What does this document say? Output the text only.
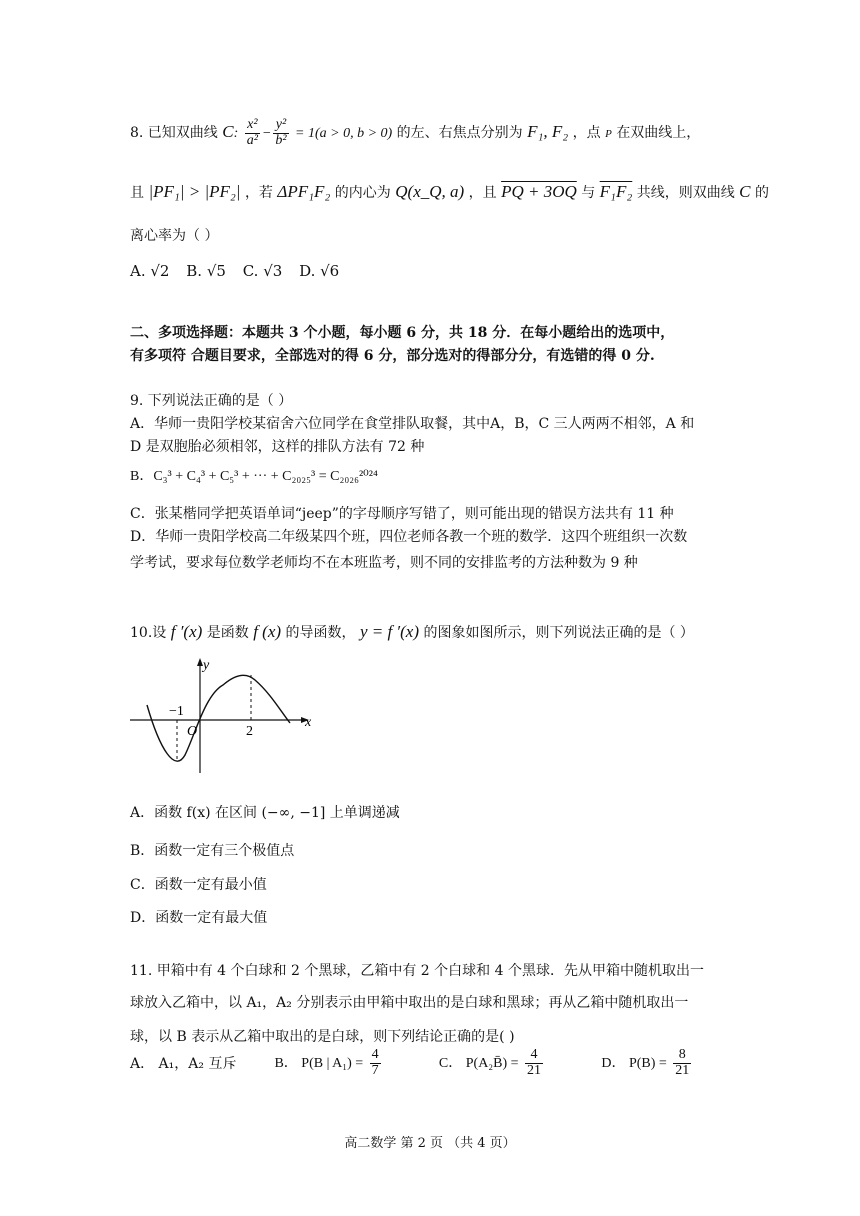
8. 已知双曲线 C: $\frac{\text{x²}}{\text{a²}} - \frac{\text{y²}}{\text{b²}} = 1(a > 0$, b > 0) 的左、右焦点分别为 F₁, F₂ ，点 P 在双曲线上，
且 |PF₁| > |PF₂| ，若 ΔPF₁F₂ 的内心为 Q(x_Q, a) ，且 PQ + 3OQ 与 F₁F₂ 共线，则双曲线 C 的
离心率为（ ）
A. √2 B. √5 C. √3 D. √6
二、多项选择题：本题共 3 个小题，每小题 6 分，共 18 分．在每小题给出的选项中，
有多项符 合题目要求，全部选对的得 6 分，部分选对的得部分分，有选错的得 0 分.
9. 下列说法正确的是（ ）
A．华师一贵阳学校某宿舍六位同学在食堂排队取餐，其中A，B，C 三人两两不相邻，A 和
D 是双胞胎必须相邻，这样的排队方法有 72 种
B．C₃³ + C₄³ + C₅³ + ··· + C₂₀₂₅³ = C₂₀₂₆²⁰²⁴
C．张某楷同学把英语单词“jeep”的字母顺序写错了，则可能出现的错误方法共有 11 种
D．华师一贵阳学校高二年级某四个班，四位老师各教一个班的数学．这四个班组织一次数
学考试，要求每位数学老师均不在本班监考，则不同的安排监考的方法种数为 9 种
10.设 f ′(x) 是函数 f (x) 的导函数， y = f ′(x) 的图象如图所示，则下列说法正确的是（ ）
y
x
O
−1
2
A．函数 f(x) 在区间 (−∞, −1] 上单调递减
B．函数一定有三个极值点
C．函数一定有最小值
D．函数一定有最大值
11. 甲箱中有 4 个白球和 2 个黑球，乙箱中有 2 个白球和 4 个黑球．先从甲箱中随机取出一
球放入乙箱中，以 A₁，A₂ 分别表示由甲箱中取出的是白球和黑球；再从乙箱中随机取出一
球，以 B 表示从乙箱中取出的是白球，则下列结论正确的是( )
A． A₁，A₂ 互斥	B． P(B | $A_1) = \frac{4}{7}$	C． P(A₂B̄) = $\frac{4}{21}$	D． $P(B) = \frac{8}{21}$
高二数学 第 2 页 （共 4 页）
